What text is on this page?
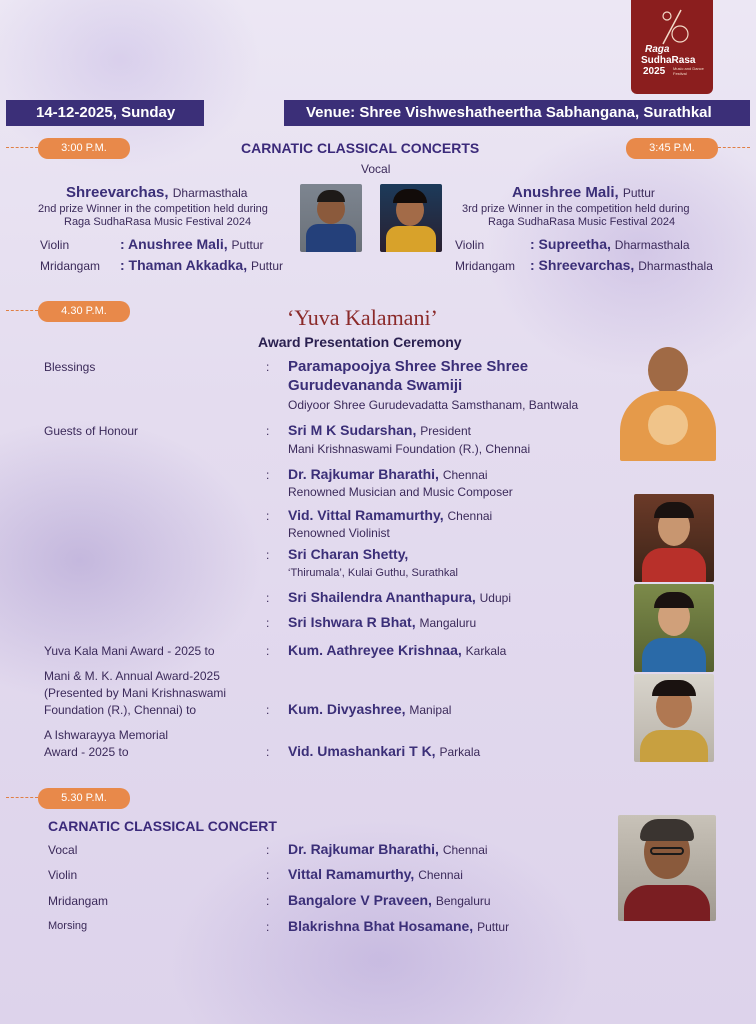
Raga
SudhaRasa
2025 Music and Dance Festival
14-12-2025, Sunday	Venue: Shree Vishweshatheertha Sabhangana, Surathkal
3:00 P.M.	CARNATIC CLASSICAL CONCERTS	3:45 P.M.
Vocal
Shreevarchas, Dharmasthala
2nd prize Winner in the competition held during
Raga SudhaRasa Music Festival 2024
Violin	: Anushree Mali, Puttur
Mridangam : Thaman Akkadka, Puttur
Anushree Mali, Puttur
3rd prize Winner in the competition held during
Raga SudhaRasa Music Festival 2024
Violin	: Supreetha, Dharmasthala
Mridangam : Shreevarchas, Dharmasthala
4.30 P.M.	‘Yuva Kalamani’
Award Presentation Ceremony
Blessings	: Paramapoojya Shree Shree Shree
Gurudevananda Swamiji
Odiyoor Shree Gurudevadatta Samsthanam, Bantwala
Guests of Honour	: Sri M K Sudarshan, President
Mani Krishnaswami Foundation (R.), Chennai
: Dr. Rajkumar Bharathi, Chennai
Renowned Musician and Music Composer
: Vid. Vittal Ramamurthy, Chennai
Renowned Violinist
: Sri Charan Shetty,
‘Thirumala’, Kulai Guthu, Surathkal
: Sri Shailendra Ananthapura, Udupi
: Sri Ishwara R Bhat, Mangaluru
Yuva Kala Mani Award - 2025 to	: Kum. Aathreyee Krishnaa, Karkala
Mani & M. K. Annual Award-2025
(Presented by Mani Krishnaswami
Foundation (R.), Chennai) to	: Kum. Divyashree, Manipal
A Ishwarayya Memorial
Award - 2025 to	: Vid. Umashankari T K, Parkala
5.30 P.M.
CARNATIC CLASSICAL CONCERT
Vocal	: Dr. Rajkumar Bharathi, Chennai
Violin	: Vittal Ramamurthy, Chennai
Mridangam	: Bangalore V Praveen, Bengaluru
Morsing	: Blakrishna Bhat Hosamane, Puttur
